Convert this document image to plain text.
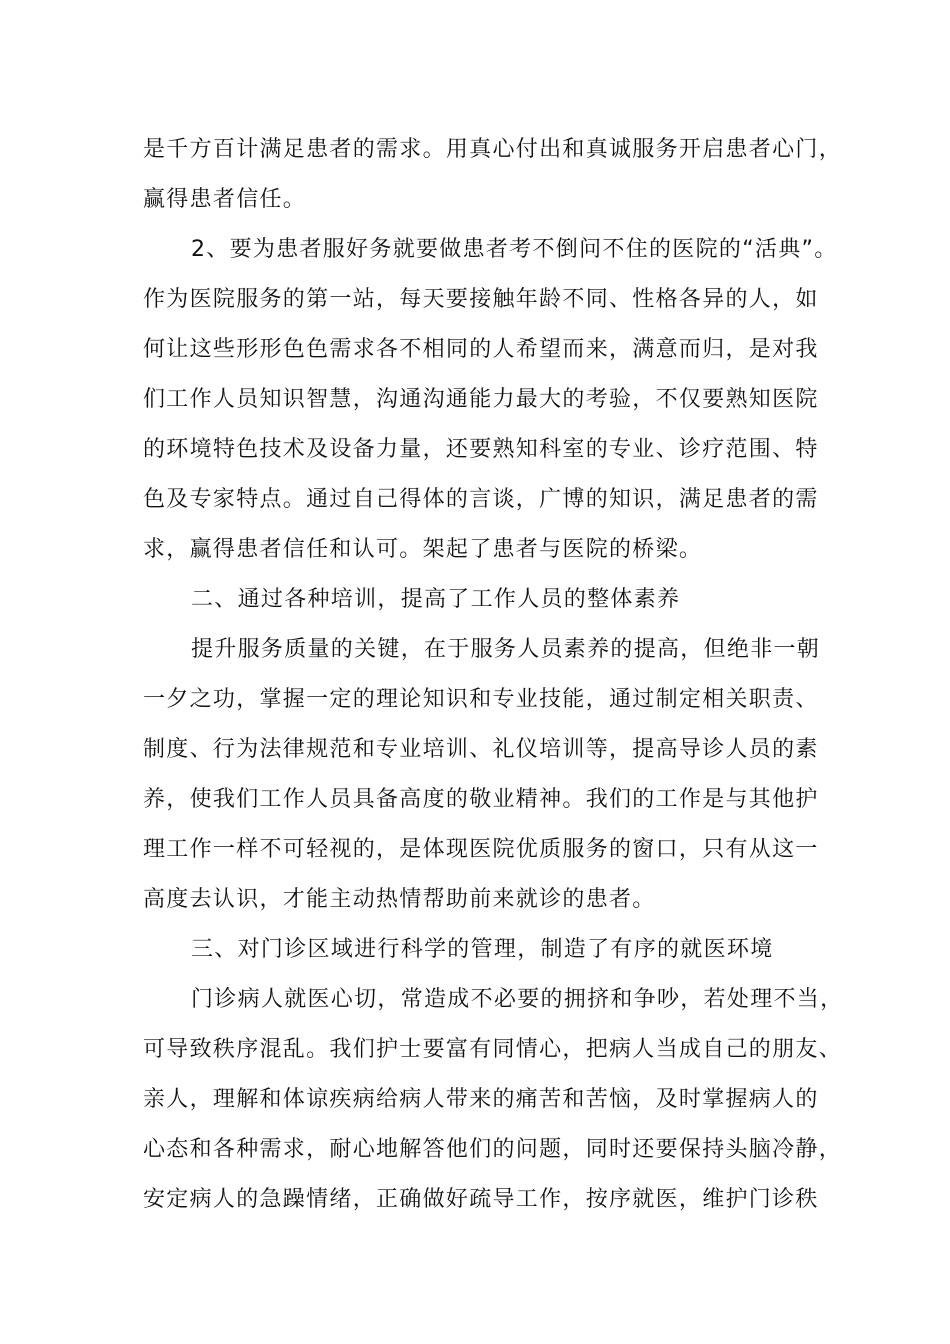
是千方百计满足患者的需求。用真心付出和真诚服务开启患者心门，
赢得患者信任。
2、要为患者服好务就要做患者考不倒问不住的医院的“活典”。
作为医院服务的第一站，每天要接触年龄不同、性格各异的人，如
何让这些形形色色需求各不相同的人希望而来，满意而归，是对我
们工作人员知识智慧，沟通沟通能力最大的考验，不仅要熟知医院
的环境特色技术及设备力量，还要熟知科室的专业、诊疗范围、特
色及专家特点。通过自己得体的言谈，广博的知识，满足患者的需
求，赢得患者信任和认可。架起了患者与医院的桥梁。
二、通过各种培训，提高了工作人员的整体素养
提升服务质量的关键，在于服务人员素养的提高，但绝非一朝
一夕之功，掌握一定的理论知识和专业技能，通过制定相关职责、
制度、行为法律规范和专业培训、礼仪培训等，提高导诊人员的素
养，使我们工作人员具备高度的敬业精神。我们的工作是与其他护
理工作一样不可轻视的，是体现医院优质服务的窗口，只有从这一
高度去认识，才能主动热情帮助前来就诊的患者。
三、对门诊区域进行科学的管理，制造了有序的就医环境
门诊病人就医心切，常造成不必要的拥挤和争吵，若处理不当，
可导致秩序混乱。我们护士要富有同情心，把病人当成自己的朋友、
亲人，理解和体谅疾病给病人带来的痛苦和苦恼，及时掌握病人的
心态和各种需求，耐心地解答他们的问题，同时还要保持头脑冷静，
安定病人的急躁情绪，正确做好疏导工作，按序就医，维护门诊秩
